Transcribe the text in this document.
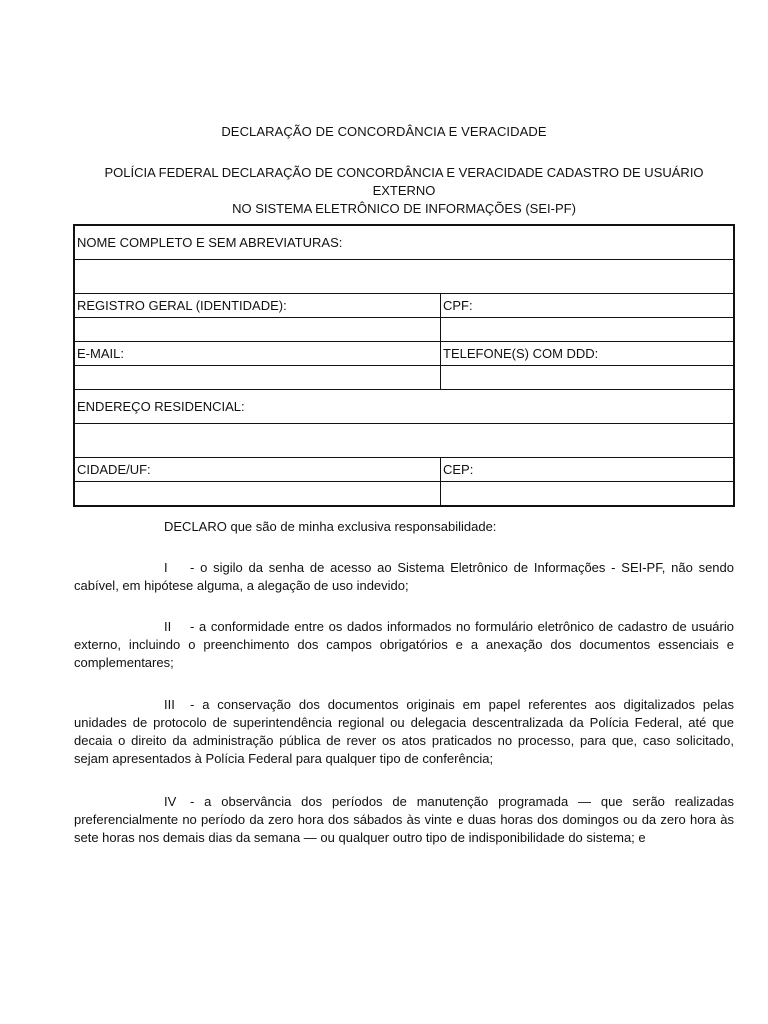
DECLARAÇÃO DE CONCORDÂNCIA E VERACIDADE
POLÍCIA FEDERAL DECLARAÇÃO DE CONCORDÂNCIA E VERACIDADE CADASTRO DE USUÁRIO EXTERNO
NO SISTEMA ELETRÔNICO DE INFORMAÇÕES (SEI-PF)
NOME COMPLETO E SEM ABREVIATURAS:
REGISTRO GERAL (IDENTIDADE):	CPF:
E-MAIL:	TELEFONE(S) COM DDD:
ENDEREÇO RESIDENCIAL:
CIDADE/UF:	CEP:
DECLARO que são de minha exclusiva responsabilidade:
I - o sigilo da senha de acesso ao Sistema Eletrônico de Informações - SEI-PF, não sendo cabível, em hipótese alguma, a alegação de uso indevido;
II - a conformidade entre os dados informados no formulário eletrônico de cadastro de usuário externo, incluindo o preenchimento dos campos obrigatórios e a anexação dos documentos essenciais e complementares;
III - a conservação dos documentos originais em papel referentes aos digitalizados pelas unidades de protocolo de superintendência regional ou delegacia descentralizada da Polícia Federal, até que decaia o direito da administração pública de rever os atos praticados no processo, para que, caso solicitado, sejam apresentados à Polícia Federal para qualquer tipo de conferência;
IV - a observância dos períodos de manutenção programada — que serão realizadas preferencialmente no período da zero hora dos sábados às vinte e duas horas dos domingos ou da zero hora às sete horas nos demais dias da semana — ou qualquer outro tipo de indisponibilidade do sistema; e
